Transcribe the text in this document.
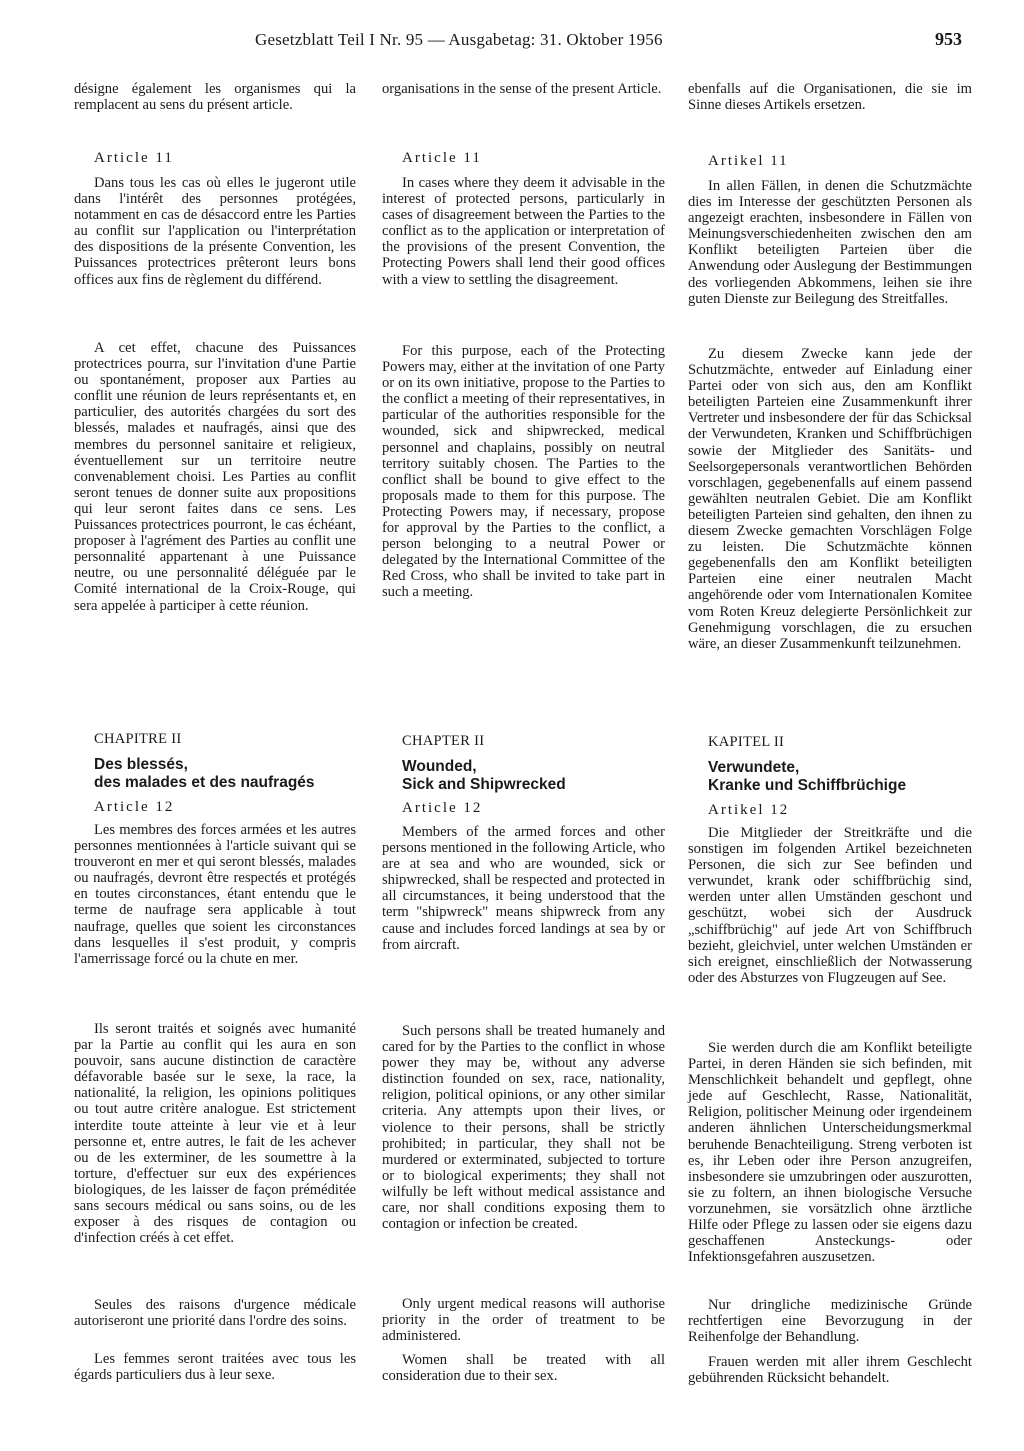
Gesetzblatt Teil I Nr. 95 — Ausgabetag: 31. Oktober 1956	953

désigne également les organismes qui la remplacent au sens du présent article.

Article 11

Dans tous les cas où elles le jugeront utile dans l'intérêt des personnes protégées, notamment en cas de désaccord entre les Parties au conflit sur l'application ou l'interprétation des dispositions de la présente Convention, les Puissances protectrices prêteront leurs bons offices aux fins de règlement du différend.

A cet effet, chacune des Puissances protectrices pourra, sur l'invitation d'une Partie ou spontanément, proposer aux Parties au conflit une réunion de leurs représentants et, en particulier, des autorités chargées du sort des blessés, malades et naufragés, ainsi que des membres du personnel sanitaire et religieux, éventuellement sur un territoire neutre convenablement choisi. Les Parties au conflit seront tenues de donner suite aux propositions qui leur seront faites dans ce sens. Les Puissances protectrices pourront, le cas échéant, proposer à l'agrément des Parties au conflit une personnalité appartenant à une Puissance neutre, ou une personnalité déléguée par le Comité international de la Croix-Rouge, qui sera appelée à participer à cette réunion.

CHAPITRE II

Des blessés,

des malades et des naufragés

Article 12

Les membres des forces armées et les autres personnes mentionnées à l'article suivant qui se trouveront en mer et qui seront blessés, malades ou naufragés, devront être respectés et protégés en toutes circonstances, étant entendu que le terme de naufrage sera applicable à tout naufrage, quelles que soient les circonstances dans lesquelles il s'est produit, y compris l'amerrissage forcé ou la chute en mer.

Ils seront traités et soignés avec humanité par la Partie au conflit qui les aura en son pouvoir, sans aucune distinction de caractère défavorable basée sur le sexe, la race, la nationalité, la religion, les opinions politiques ou tout autre critère analogue. Est strictement interdite toute atteinte à leur vie et à leur personne et, entre autres, le fait de les achever ou de les exterminer, de les soumettre à la torture, d'effectuer sur eux des expériences biologiques, de les laisser de façon préméditée sans secours médical ou sans soins, ou de les exposer à des risques de contagion ou d'infection créés à cet effet.

Seules des raisons d'urgence médicale autoriseront une priorité dans l'ordre des soins.

Les femmes seront traitées avec tous les égards particuliers dus à leur sexe.

organisations in the sense of the present Article.

Article 11

In cases where they deem it advisable in the interest of protected persons, particularly in cases of disagreement between the Parties to the conflict as to the application or interpretation of the provisions of the present Convention, the Protecting Powers shall lend their good offices with a view to settling the disagreement.

For this purpose, each of the Protecting Powers may, either at the invitation of one Party or on its own initiative, propose to the Parties to the conflict a meeting of their representatives, in particular of the authorities responsible for the wounded, sick and shipwrecked, medical personnel and chaplains, possibly on neutral territory suitably chosen. The Parties to the conflict shall be bound to give effect to the proposals made to them for this purpose. The Protecting Powers may, if necessary, propose for approval by the Parties to the conflict, a person belonging to a neutral Power or delegated by the International Committee of the Red Cross, who shall be invited to take part in such a meeting.

CHAPTER II

Wounded,

Sick and Shipwrecked

Article 12

Members of the armed forces and other persons mentioned in the following Article, who are at sea and who are wounded, sick or shipwrecked, shall be respected and protected in all circumstances, it being understood that the term "shipwreck" means shipwreck from any cause and includes forced landings at sea by or from aircraft.

Such persons shall be treated humanely and cared for by the Parties to the conflict in whose power they may be, without any adverse distinction founded on sex, race, nationality, religion, political opinions, or any other similar criteria. Any attempts upon their lives, or violence to their persons, shall be strictly prohibited; in particular, they shall not be murdered or exterminated, subjected to torture or to biological experiments; they shall not wilfully be left without medical assistance and care, nor shall conditions exposing them to contagion or infection be created.

Only urgent medical reasons will authorise priority in the order of treatment to be administered.

Women shall be treated with all consideration due to their sex.

ebenfalls auf die Organisationen, die sie im Sinne dieses Artikels ersetzen.

Artikel 11

In allen Fällen, in denen die Schutzmächte dies im Interesse der geschützten Personen als angezeigt erachten, insbesondere in Fällen von Meinungsverschiedenheiten zwischen den am Konflikt beteiligten Parteien über die Anwendung oder Auslegung der Bestimmungen des vorliegenden Abkommens, leihen sie ihre guten Dienste zur Beilegung des Streitfalles.

Zu diesem Zwecke kann jede der Schutzmächte, entweder auf Einladung einer Partei oder von sich aus, den am Konflikt beteiligten Parteien eine Zusammenkunft ihrer Vertreter und insbesondere der für das Schicksal der Verwundeten, Kranken und Schiffbrüchigen sowie der Mitglieder des Sanitäts- und Seelsorgepersonals verantwortlichen Behörden vorschlagen, gegebenenfalls auf einem passend gewählten neutralen Gebiet. Die am Konflikt beteiligten Parteien sind gehalten, den ihnen zu diesem Zwecke gemachten Vorschlägen Folge zu leisten. Die Schutzmächte können gegebenenfalls den am Konflikt beteiligten Parteien eine einer neutralen Macht angehörende oder vom Internationalen Komitee vom Roten Kreuz delegierte Persönlichkeit zur Genehmigung vorschlagen, die zu ersuchen wäre, an dieser Zusammenkunft teilzunehmen.

KAPITEL II

Verwundete,

Kranke und Schiffbrüchige

Artikel 12

Die Mitglieder der Streitkräfte und die sonstigen im folgenden Artikel bezeichneten Personen, die sich zur See befinden und verwundet, krank oder schiffbrüchig sind, werden unter allen Umständen geschont und geschützt, wobei sich der Ausdruck „schiffbrüchig" auf jede Art von Schiffbruch bezieht, gleichviel, unter welchen Umständen er sich ereignet, einschließlich der Notwasserung oder des Absturzes von Flugzeugen auf See.

Sie werden durch die am Konflikt beteiligte Partei, in deren Händen sie sich befinden, mit Menschlichkeit behandelt und gepflegt, ohne jede auf Geschlecht, Rasse, Nationalität, Religion, politischer Meinung oder irgendeinem anderen ähnlichen Unterscheidungsmerkmal beruhende Benachteiligung. Streng verboten ist es, ihr Leben oder ihre Person anzugreifen, insbesondere sie umzubringen oder auszurotten, sie zu foltern, an ihnen biologische Versuche vorzunehmen, sie vorsätzlich ohne ärztliche Hilfe oder Pflege zu lassen oder sie eigens dazu geschaffenen Ansteckungs- oder Infektionsgefahren auszusetzen.

Nur dringliche medizinische Gründe rechtfertigen eine Bevorzugung in der Reihenfolge der Behandlung.

Frauen werden mit aller ihrem Geschlecht gebührenden Rücksicht behandelt.
